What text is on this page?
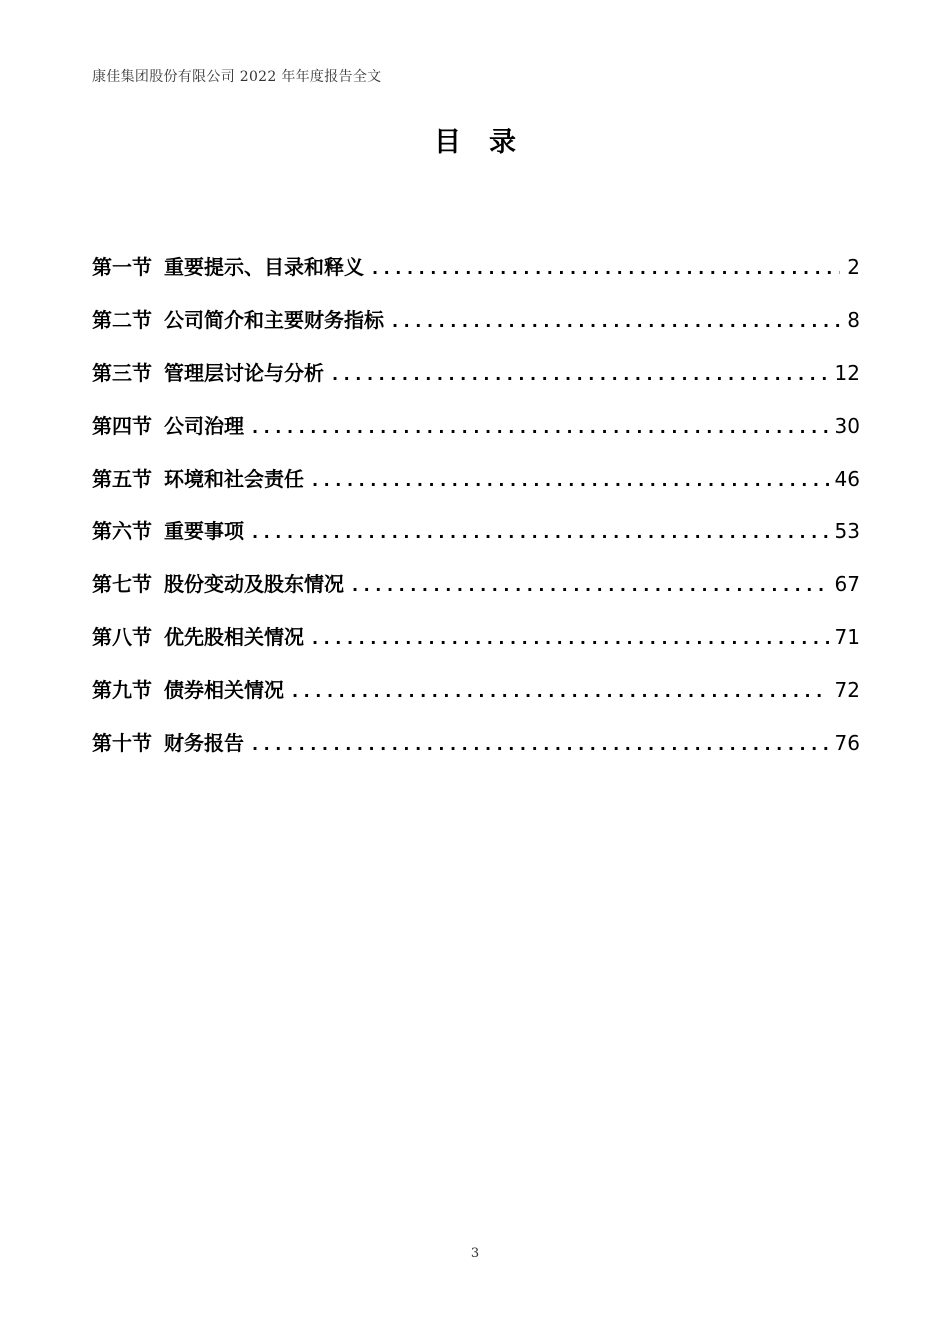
康佳集团股份有限公司 2022 年年度报告全文
目录
第一节 重要提示、目录和释义 . . .	2
第二节 公司简介和主要财务指标 . . .	8
第三节 管理层讨论与分析 . . .	12
第四节 公司治理 . . .	30
第五节 环境和社会责任 . . .	46
第六节 重要事项 . . .	53
第七节 股份变动及股东情况 . . .	67
第八节 优先股相关情况 . . .	71
第九节 债券相关情况 . . .	72
第十节 财务报告 . . .	76
3
